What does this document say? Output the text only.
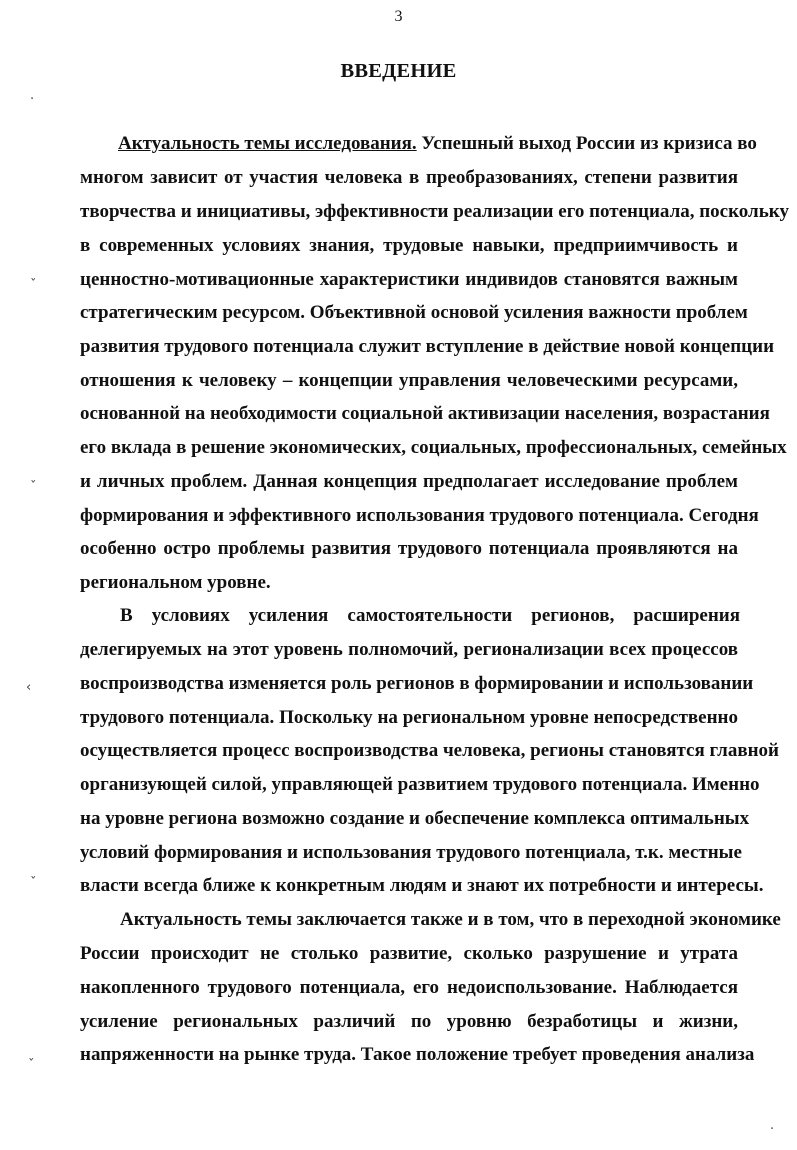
3
ВВЕДЕНИЕ
Актуальность темы исследования. Успешный выход России из кризиса во
многом зависит от участия человека в преобразованиях, степени развития
творчества и инициативы, эффективности реализации его потенциала, поскольку
в современных условиях знания, трудовые навыки, предприимчивость и
ценностно-мотивационные характеристики индивидов становятся важным
стратегическим ресурсом. Объективной основой усиления важности проблем
развития трудового потенциала служит вступление в действие новой концепции
отношения к человеку – концепции управления человеческими ресурсами,
основанной на необходимости социальной активизации населения, возрастания
его вклада в решение экономических, социальных, профессиональных, семейных
и личных проблем. Данная концепция предполагает исследование проблем
формирования и эффективного использования трудового потенциала. Сегодня
особенно остро проблемы развития трудового потенциала проявляются на
региональном уровне.
В условиях усиления самостоятельности регионов, расширения
делегируемых на этот уровень полномочий, регионализации всех процессов
воспроизводства изменяется роль регионов в формировании и использовании
трудового потенциала. Поскольку на региональном уровне непосредственно
осуществляется процесс воспроизводства человека, регионы становятся главной
организующей силой, управляющей развитием трудового потенциала. Именно
на уровне региона возможно создание и обеспечение комплекса оптимальных
условий формирования и использования трудового потенциала, т.к. местные
власти всегда ближе к конкретным людям и знают их потребности и интересы.
Актуальность темы заключается также и в том, что в переходной экономике
России происходит не столько развитие, сколько разрушение и утрата
накопленного трудового потенциала, его недоиспользование. Наблюдается
усиление региональных различий по уровню безработицы и жизни,
напряженности на рынке труда. Такое положение требует проведения анализа
·
ˇ
ˇ
‹
ˇ
ˇ
·
